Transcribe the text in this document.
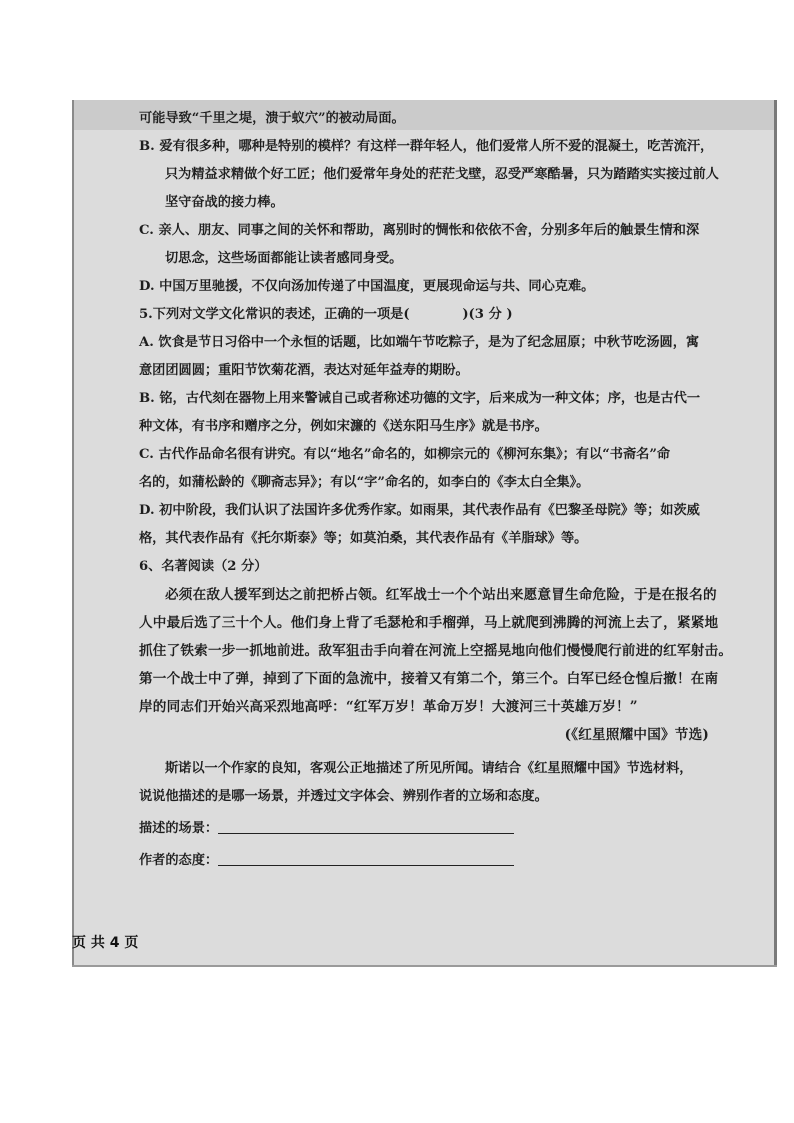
可能导致“千里之堤，溃于蚁穴”的被动局面。
B. 爱有很多种，哪种是特别的模样？有这样一群年轻人，他们爱常人所不爱的混凝土，吃苦流汗，
只为精益求精做个好工匠；他们爱常年身处的茫茫戈壁，忍受严寒酷暑，只为踏踏实实接过前人
坚守奋战的接力棒。
C. 亲人、朋友、同事之间的关怀和帮助，离别时的惆怅和依依不舍，分别多年后的触景生情和深
切思念，这些场面都能让读者感同身受。
D. 中国万里驰援，不仅向汤加传递了中国温度，更展现命运与共、同心克难。
5.下列对文学文化常识的表述，正确的一项是(　　　　)(3 分 )
A. 饮食是节日习俗中一个永恒的话题，比如端午节吃粽子，是为了纪念屈原；中秋节吃汤圆，寓
意团团圆圆；重阳节饮菊花酒，表达对延年益寿的期盼。
B. 铭，古代刻在器物上用来警诫自己或者称述功德的文字，后来成为一种文体；序，也是古代一
种文体，有书序和赠序之分，例如宋濂的《送东阳马生序》就是书序。
C. 古代作品命名很有讲究。有以“地名”命名的，如柳宗元的《柳河东集》；有以“书斋名”命
名的，如蒲松龄的《聊斋志异》；有以“字”命名的，如李白的《李太白全集》。
D. 初中阶段，我们认识了法国许多优秀作家。如雨果，其代表作品有《巴黎圣母院》等；如茨威
格，其代表作品有《托尔斯泰》等；如莫泊桑，其代表作品有《羊脂球》等。
6、名著阅读（2 分）
必须在敌人援军到达之前把桥占领。红军战士一个个站出来愿意冒生命危险，于是在报名的
人中最后选了三十个人。他们身上背了毛瑟枪和手榴弹，马上就爬到沸腾的河流上去了，紧紧地
抓住了铁索一步一抓地前进。敌军狙击手向着在河流上空摇晃地向他们慢慢爬行前进的红军射击。
第一个战士中了弹，掉到了下面的急流中，接着又有第二个，第三个。白军已经仓惶后撤！在南
岸的同志们开始兴高采烈地高呼：“红军万岁！革命万岁！大渡河三十英雄万岁！”
(《红星照耀中国》节选)
斯诺以一个作家的良知，客观公正地描述了所见所闻。请结合《红星照耀中国》节选材料，
说说他描述的是哪一场景，并透过文字体会、辨别作者的立场和态度。
描述的场景：
作者的态度：
页 共 4 页
